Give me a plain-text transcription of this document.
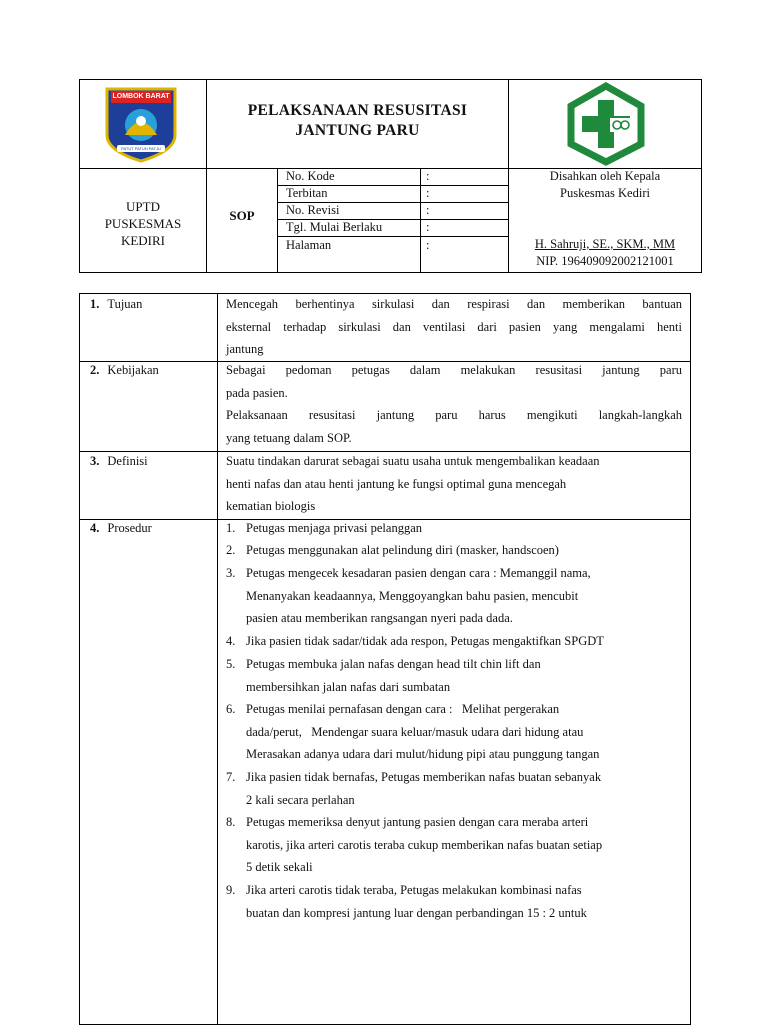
LOMBOK BARAT
PATUT PATUH PATJU
PELAKSANAAN RESUSITASI
JANTUNG PARU
UPTD
PUSKESMAS
KEDIRI
SOP
No. Kode	:
Terbitan	:
No. Revisi	:
Tgl. Mulai Berlaku	:
Halaman	:
Disahkan oleh Kepala
Puskesmas Kediri
H. Sahruji, SE., SKM., MM
NIP. 196409092002121001
1. Tujuan	Mencegah berhentinya sirkulasi dan respirasi dan memberikan bantuan
eksternal terhadap sirkulasi dan ventilasi dari pasien yang mengalami henti
jantung
2. Kebijakan	Sebagai pedoman petugas dalam melakukan resusitasi jantung paru
pada pasien.
Pelaksanaan resusitasi jantung paru harus mengikuti langkah-langkah
yang tetuang dalam SOP.
3. Definisi	Suatu tindakan darurat sebagai suatu usaha untuk mengembalikan keadaan
henti nafas dan atau henti jantung ke fungsi optimal guna mencegah
kematian biologis
4. Prosedur	1. Petugas menjaga privasi pelanggan
2. Petugas menggunakan alat pelindung diri (masker, handscoen)
3. Petugas mengecek kesadaran pasien dengan cara : Memanggil nama,
Menanyakan keadaannya, Menggoyangkan bahu pasien, mencubit
pasien atau memberikan rangsangan nyeri pada dada.
4. Jika pasien tidak sadar/tidak ada respon, Petugas mengaktifkan SPGDT
5. Petugas membuka jalan nafas dengan head tilt chin lift dan
membersihkan jalan nafas dari sumbatan
6. Petugas menilai pernafasan dengan cara :   Melihat pergerakan
dada/perut,   Mendengar suara keluar/masuk udara dari hidung atau
Merasakan adanya udara dari mulut/hidung pipi atau punggung tangan
7. Jika pasien tidak bernafas, Petugas memberikan nafas buatan sebanyak
2 kali secara perlahan
8. Petugas memeriksa denyut jantung pasien dengan cara meraba arteri
karotis, jika arteri carotis teraba cukup memberikan nafas buatan setiap
5 detik sekali
9. Jika arteri carotis tidak teraba, Petugas melakukan kombinasi nafas
buatan dan kompresi jantung luar dengan perbandingan 15 : 2 untuk
